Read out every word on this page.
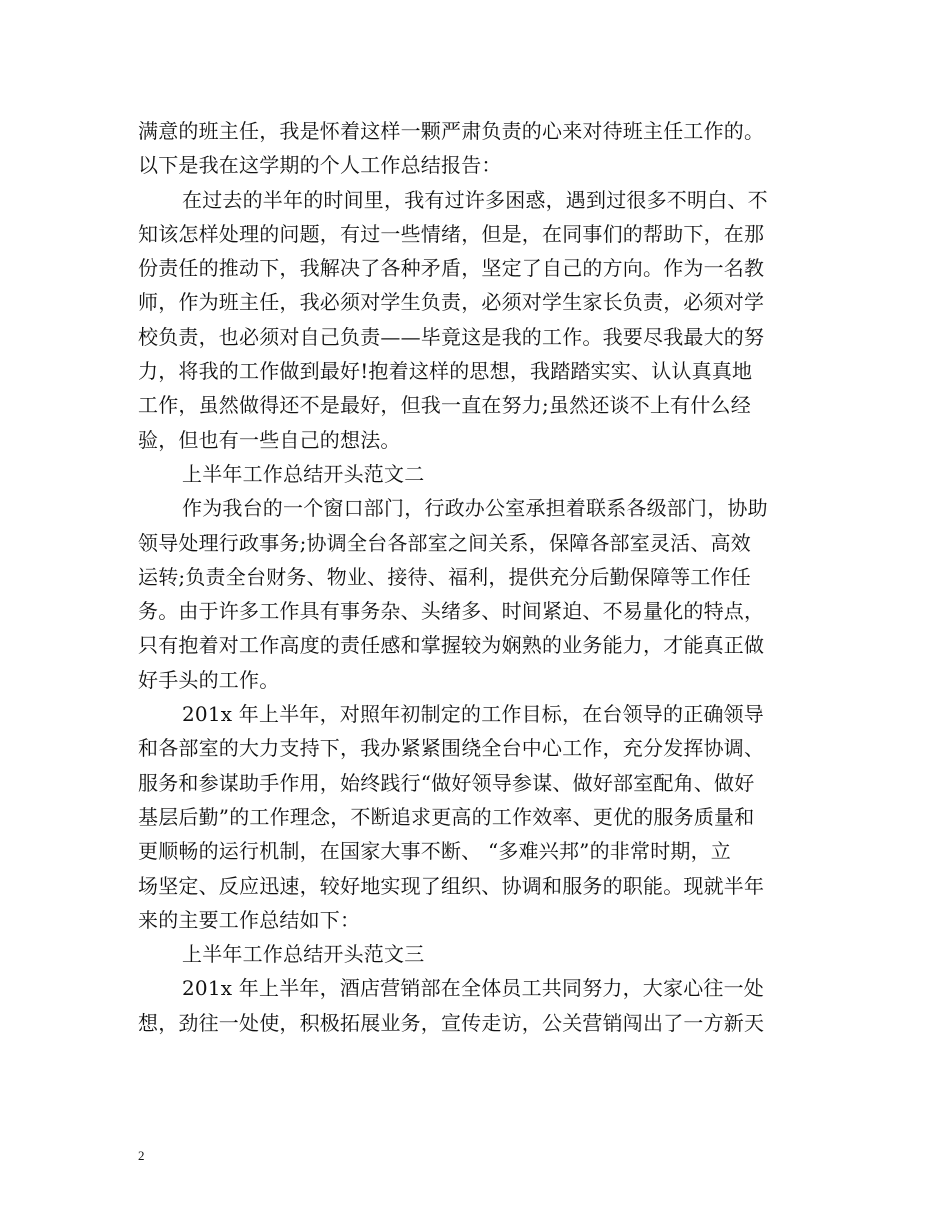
满意的班主任，我是怀着这样一颗严肃负责的心来对待班主任工作的。
以下是我在这学期的个人工作总结报告：
在过去的半年的时间里，我有过许多困惑，遇到过很多不明白、不
知该怎样处理的问题，有过一些情绪，但是，在同事们的帮助下，在那
份责任的推动下，我解决了各种矛盾，坚定了自己的方向。作为一名教
师，作为班主任，我必须对学生负责，必须对学生家长负责，必须对学
校负责，也必须对自己负责——毕竟这是我的工作。我要尽我最大的努
力，将我的工作做到最好!抱着这样的思想，我踏踏实实、认认真真地
工作，虽然做得还不是最好，但我一直在努力;虽然还谈不上有什么经
验，但也有一些自己的想法。
上半年工作总结开头范文二
作为我台的一个窗口部门，行政办公室承担着联系各级部门，协助
领导处理行政事务;协调全台各部室之间关系，保障各部室灵活、高效
运转;负责全台财务、物业、接待、福利，提供充分后勤保障等工作任
务。由于许多工作具有事务杂、头绪多、时间紧迫、不易量化的特点，
只有抱着对工作高度的责任感和掌握较为娴熟的业务能力，才能真正做
好手头的工作。
201x 年上半年，对照年初制定的工作目标，在台领导的正确领导
和各部室的大力支持下，我办紧紧围绕全台中心工作，充分发挥协调、
服务和参谋助手作用，始终践行“做好领导参谋、做好部室配角、做好
基层后勤”的工作理念，不断追求更高的工作效率、更优的服务质量和
更顺畅的运行机制，在国家大事不断、 “多难兴邦”的非常时期，立
场坚定、反应迅速，较好地实现了组织、协调和服务的职能。现就半年
来的主要工作总结如下：
上半年工作总结开头范文三
201x 年上半年，酒店营销部在全体员工共同努力，大家心往一处
想，劲往一处使，积极拓展业务，宣传走访，公关营销闯出了一方新天
2
